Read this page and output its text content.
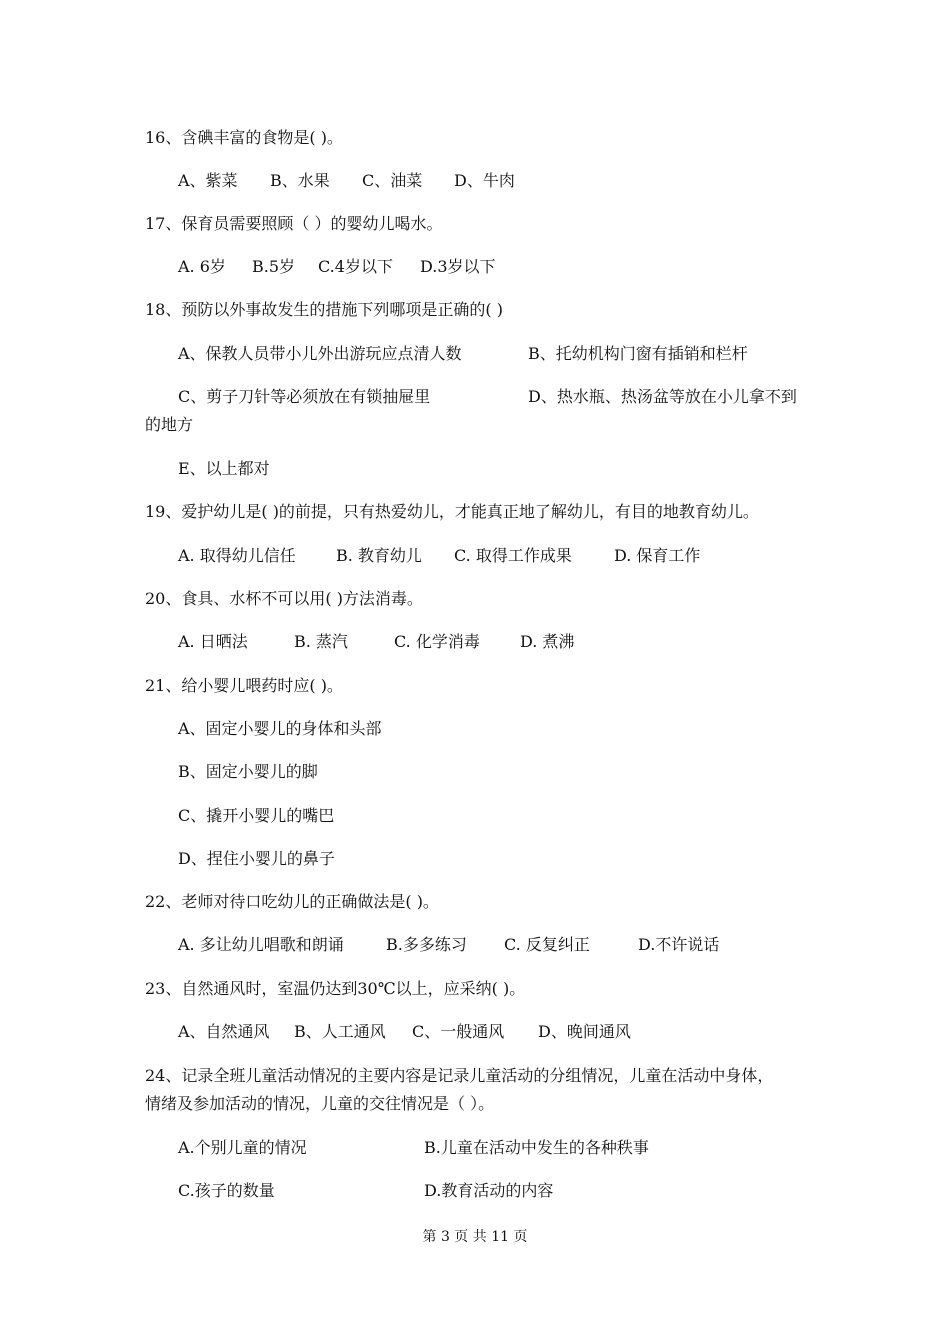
16、含碘丰富的食物是( )。
A、紫菜 B、水果 C、油菜 D、牛肉
17、保育员需要照顾（ ）的婴幼儿喝水。
A. 6岁 B.5岁 C.4岁以下 D.3岁以下
18、预防以外事故发生的措施下列哪项是正确的( )
A、保教人员带小儿外出游玩应点清人数	B、托幼机构门窗有插销和栏杆
C、剪子刀针等必须放在有锁抽屉里	D、热水瓶、热汤盆等放在小儿拿不到
的地方
E、以上都对
19、爱护幼儿是( )的前提，只有热爱幼儿，才能真正地了解幼儿，有目的地教育幼儿。
A. 取得幼儿信任	B. 教育幼儿 C. 取得工作成果	D. 保育工作
20、食具、水杯不可以用( )方法消毒。
A. 日晒法	B. 蒸汽	C. 化学消毒	D. 煮沸
21、给小婴儿喂药时应( )。
A、固定小婴儿的身体和头部
B、固定小婴儿的脚
C、撬开小婴儿的嘴巴
D、捏住小婴儿的鼻子
22、老师对待口吃幼儿的正确做法是( )。
A. 多让幼儿唱歌和朗诵	B.多多练习 C. 反复纠正	D.不许说话
23、自然通风时，室温仍达到30℃以上，应采纳( )。
A、自然通风 B、人工通风 C、一般通风 D、晚间通风
24、记录全班儿童活动情况的主要内容是记录儿童活动的分组情况，儿童在活动中身体，
情绪及参加活动的情况，儿童的交往情况是（ ）。
A.个别儿童的情况	B.儿童在活动中发生的各种秩事
C.孩子的数量	D.教育活动的内容
第 3 页 共 11 页
